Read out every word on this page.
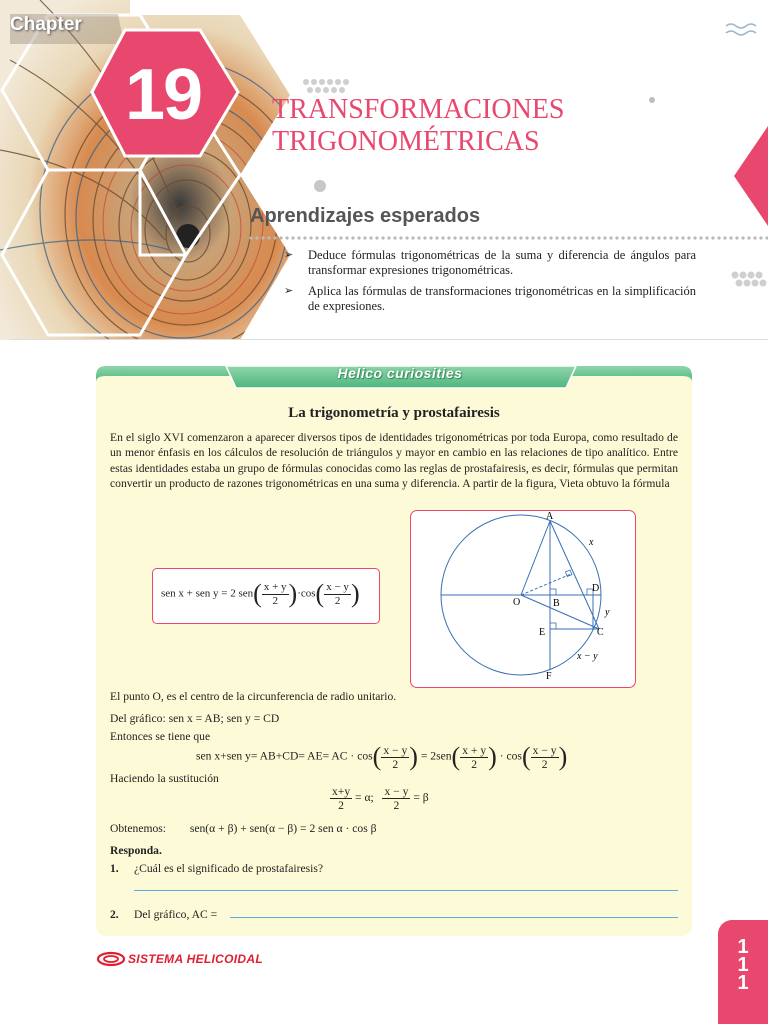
Chapter
19	TRANSFORMACIONES
TRIGONOMÉTRICAS
Aprendizajes esperados
➢ Deduce fórmulas trigonométricas de la suma y diferencia de ángulos para transformar expresiones trigonométricas.
➢ Aplica las fórmulas de transformaciones trigonométricas en la simplificación de expresiones.
Helico curiosities
La trigonometría y prostafairesis
En el siglo XVI comenzaron a aparecer diversos tipos de identidades trigonométricas por toda Europa, como resultado de un menor énfasis en los cálculos de resolución de triángulos y mayor en cambio en las relaciones de tipo analítico. Entre estas identidades estaba un grupo de fórmulas conocidas como las reglas de prostafairesis, es decir, fórmulas que permitan convertir un producto de razones trigonométricas en una suma y diferencia. A partir de la figura, Vieta obtuvo la fórmula
sen x + sen y = 2 $sen( \frac{x + y}{2} )\cdot\cos( \frac{x - y}{2}$ )
A
B
C
D
E
F
O
x
y
x − y
El punto O, es el centro de la circunferencia de radio unitario.
Del gráfico: sen x = AB; sen y = CD
Entonces se tiene que
sen x+sen y= AB+CD= AE= AC · $\cos( \frac{x - y}{2}$ ) = $2sen( \frac{x + y}{2}$ ) · $\cos( \frac{x - y}{2}$ )
Haciendo la sustitución
$\frac{x+y}{2} = \alpha$; $\frac{x - y}{2} = \beta$
Obtenemos: sen(α + β) + sen(α − β) = 2 sen α · cos β
Responda.
1. ¿Cuál es el significado de prostafairesis?
2. Del gráfico, AC =
SISTEMA HELICOIDAL
1
1
1
